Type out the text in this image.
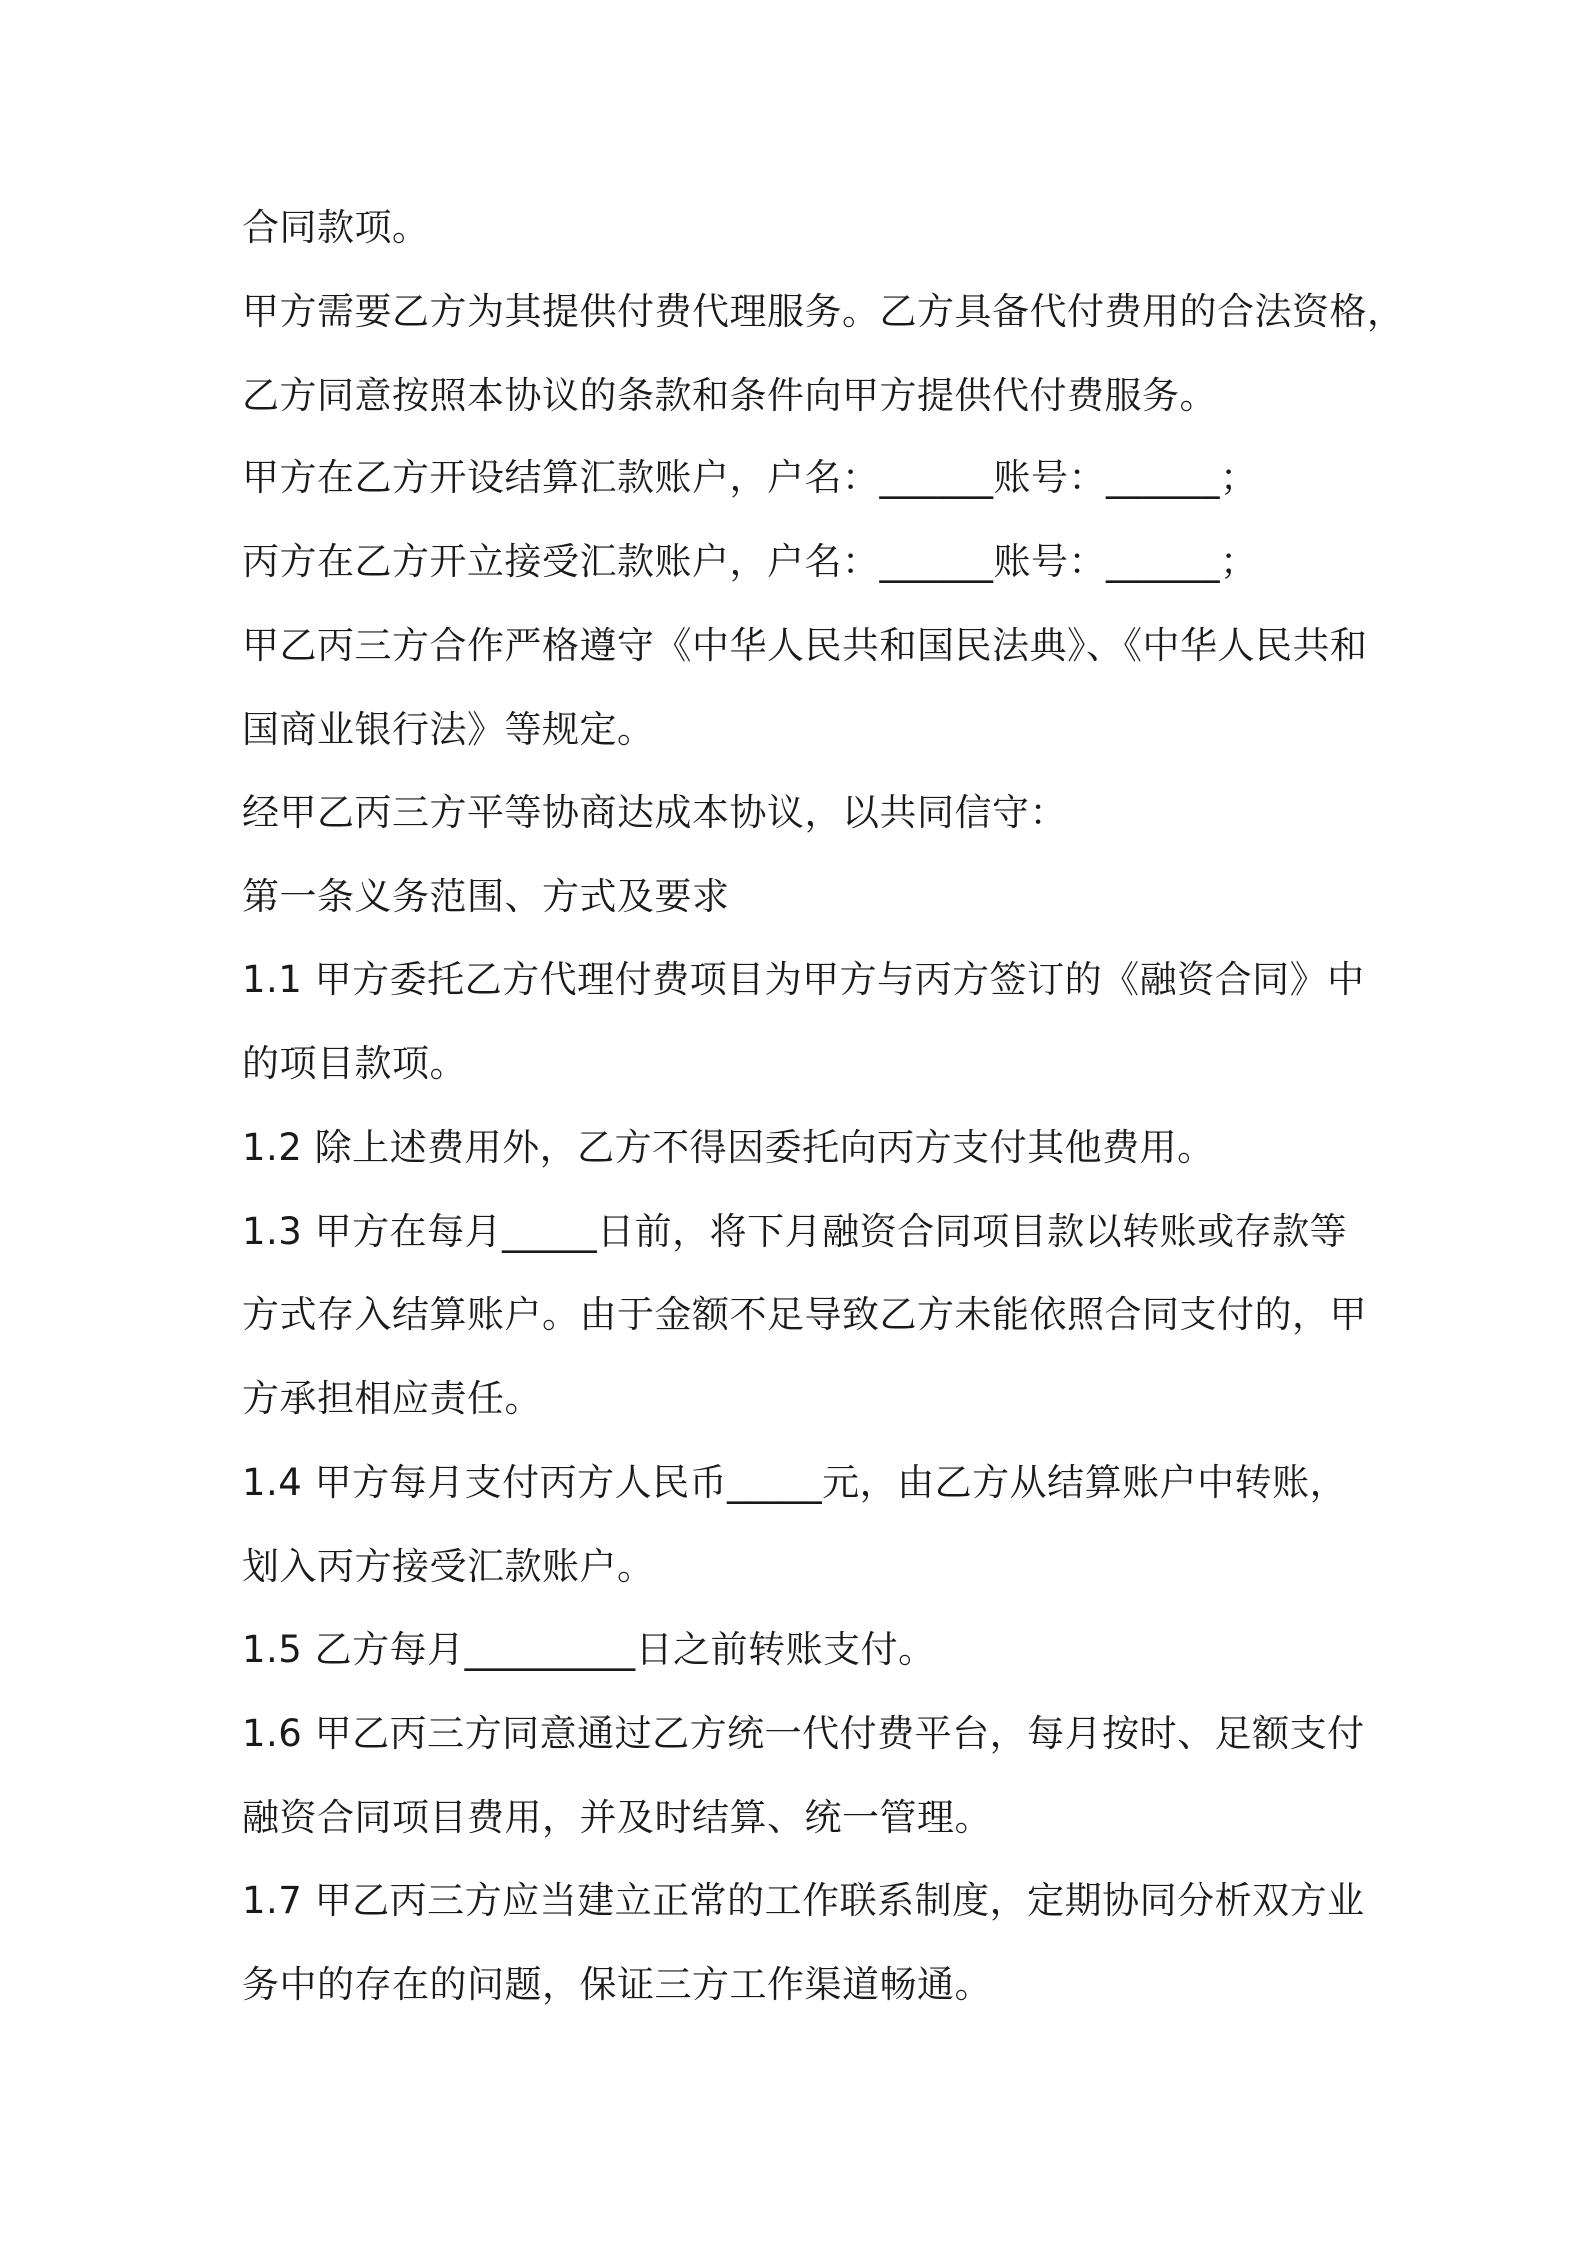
合同款项。
甲方需要乙方为其提供付费代理服务。乙方具备代付费用的合法资格，
乙方同意按照本协议的条款和条件向甲方提供代付费服务。
甲方在乙方开设结算汇款账户，户名：______账号：______；
丙方在乙方开立接受汇款账户，户名：______账号：______；
甲乙丙三方合作严格遵守《中华人民共和国民法典》、《中华人民共和
国商业银行法》等规定。
经甲乙丙三方平等协商达成本协议，以共同信守：
第一条义务范围、方式及要求
1.1 甲方委托乙方代理付费项目为甲方与丙方签订的《融资合同》中
的项目款项。
1.2 除上述费用外，乙方不得因委托向丙方支付其他费用。
1.3 甲方在每月_____日前，将下月融资合同项目款以转账或存款等
方式存入结算账户。由于金额不足导致乙方未能依照合同支付的，甲
方承担相应责任。
1.4 甲方每月支付丙方人民币_____元，由乙方从结算账户中转账，
划入丙方接受汇款账户。
1.5 乙方每月_________日之前转账支付。
1.6 甲乙丙三方同意通过乙方统一代付费平台，每月按时、足额支付
融资合同项目费用，并及时结算、统一管理。
1.7 甲乙丙三方应当建立正常的工作联系制度，定期协同分析双方业
务中的存在的问题，保证三方工作渠道畅通。
